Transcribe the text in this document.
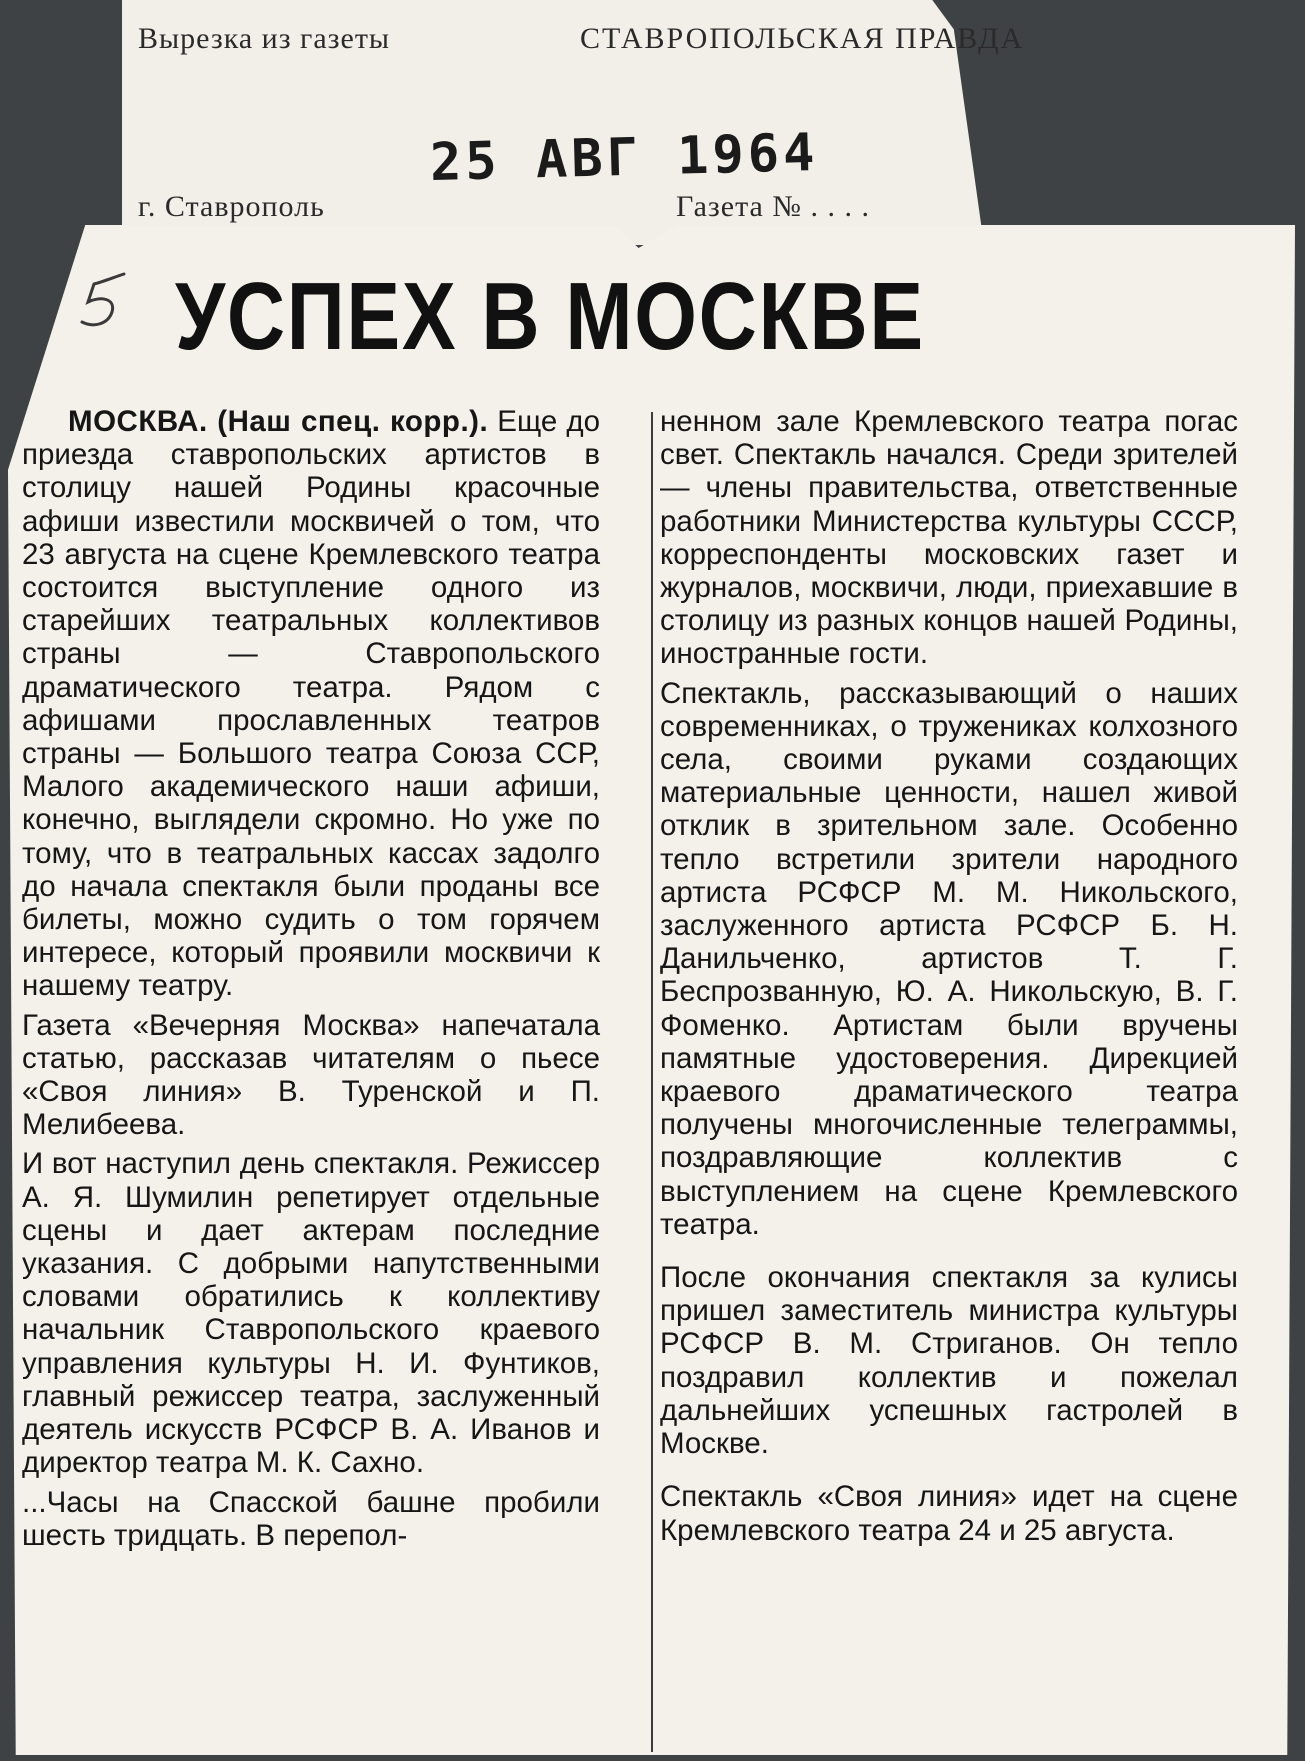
Вырезка из газеты	СТАВРОПОЛЬСКАЯ ПРАВДА
25 АВГ 1964
г. Ставрополь	Газета № . . . .
УСПЕХ В МОСКВЕ

МОСКВА. (Наш спец. корр.). Еще до приезда ставропольских артистов в столицу нашей Родины красочные афиши известили москвичей о том, что 23 августа на сцене Кремлевского театра состоится выступление одного из старейших театральных коллективов страны — Ставропольского драматического театра. Рядом с афишами прославленных театров страны — Большого театра Союза ССР, Малого академического наши афиши, конечно, выглядели скромно. Но уже по тому, что в театральных кассах задолго до начала спектакля были проданы все билеты, можно судить о том горячем интересе, который проявили москвичи к нашему театру.

Газета «Вечерняя Москва» напечатала статью, рассказав читателям о пьесе «Своя линия» В. Туренской и П. Мелибеева.

И вот наступил день спектакля. Режиссер А. Я. Шумилин репетирует отдельные сцены и дает актерам последние указания. С добрыми напутственными словами обратились к коллективу начальник Ставропольского краевого управления культуры Н. И. Фунтиков, главный режиссер театра, заслуженный деятель искусств РСФСР В. А. Иванов и директор театра М. К. Сахно.

...Часы на Спасской башне пробили шесть тридцать. В перепол-

ненном зале Кремлевского театра погас свет. Спектакль начался. Среди зрителей — члены правительства, ответственные работники Министерства культуры СССР, корреспонденты московских газет и журналов, москвичи, люди, приехавшие в столицу из разных концов нашей Родины, иностранные гости.

Спектакль, рассказывающий о наших современниках, о тружениках колхозного села, своими руками создающих материальные ценности, нашел живой отклик в зрительном зале. Особенно тепло встретили зрители народного артиста РСФСР М. М. Никольского, заслуженного артиста РСФСР Б. Н. Данильченко, артистов Т. Г. Беспрозванную, Ю. А. Никольскую, В. Г. Фоменко. Артистам были вручены памятные удостоверения. Дирекцией краевого драматического театра получены многочисленные телеграммы, поздравляющие коллектив с выступлением на сцене Кремлевского театра.

После окончания спектакля за кулисы пришел заместитель министра культуры РСФСР В. М. Стриганов. Он тепло поздравил коллектив и пожелал дальнейших успешных гастролей в Москве.

Спектакль «Своя линия» идет на сцене Кремлевского театра 24 и 25 августа.
